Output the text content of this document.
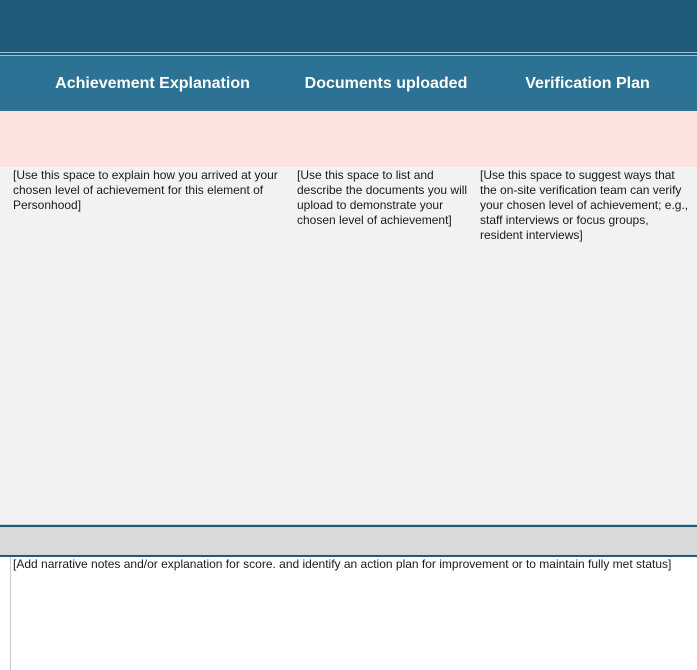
Achievement Explanation	Documents uploaded	Verification Plan
[Use this space to explain how you arrived at your chosen level of achievement for this element of Personhood]
[Use this space to list and describe the documents you will upload to demonstrate your chosen level of achievement]
[Use this space to suggest ways that the on-site verification team can verify your chosen level of achievement; e.g., staff interviews or focus groups, resident interviews]
[Add narrative notes and/or explanation for score. and identify an action plan for improvement or to maintain fully met status]
